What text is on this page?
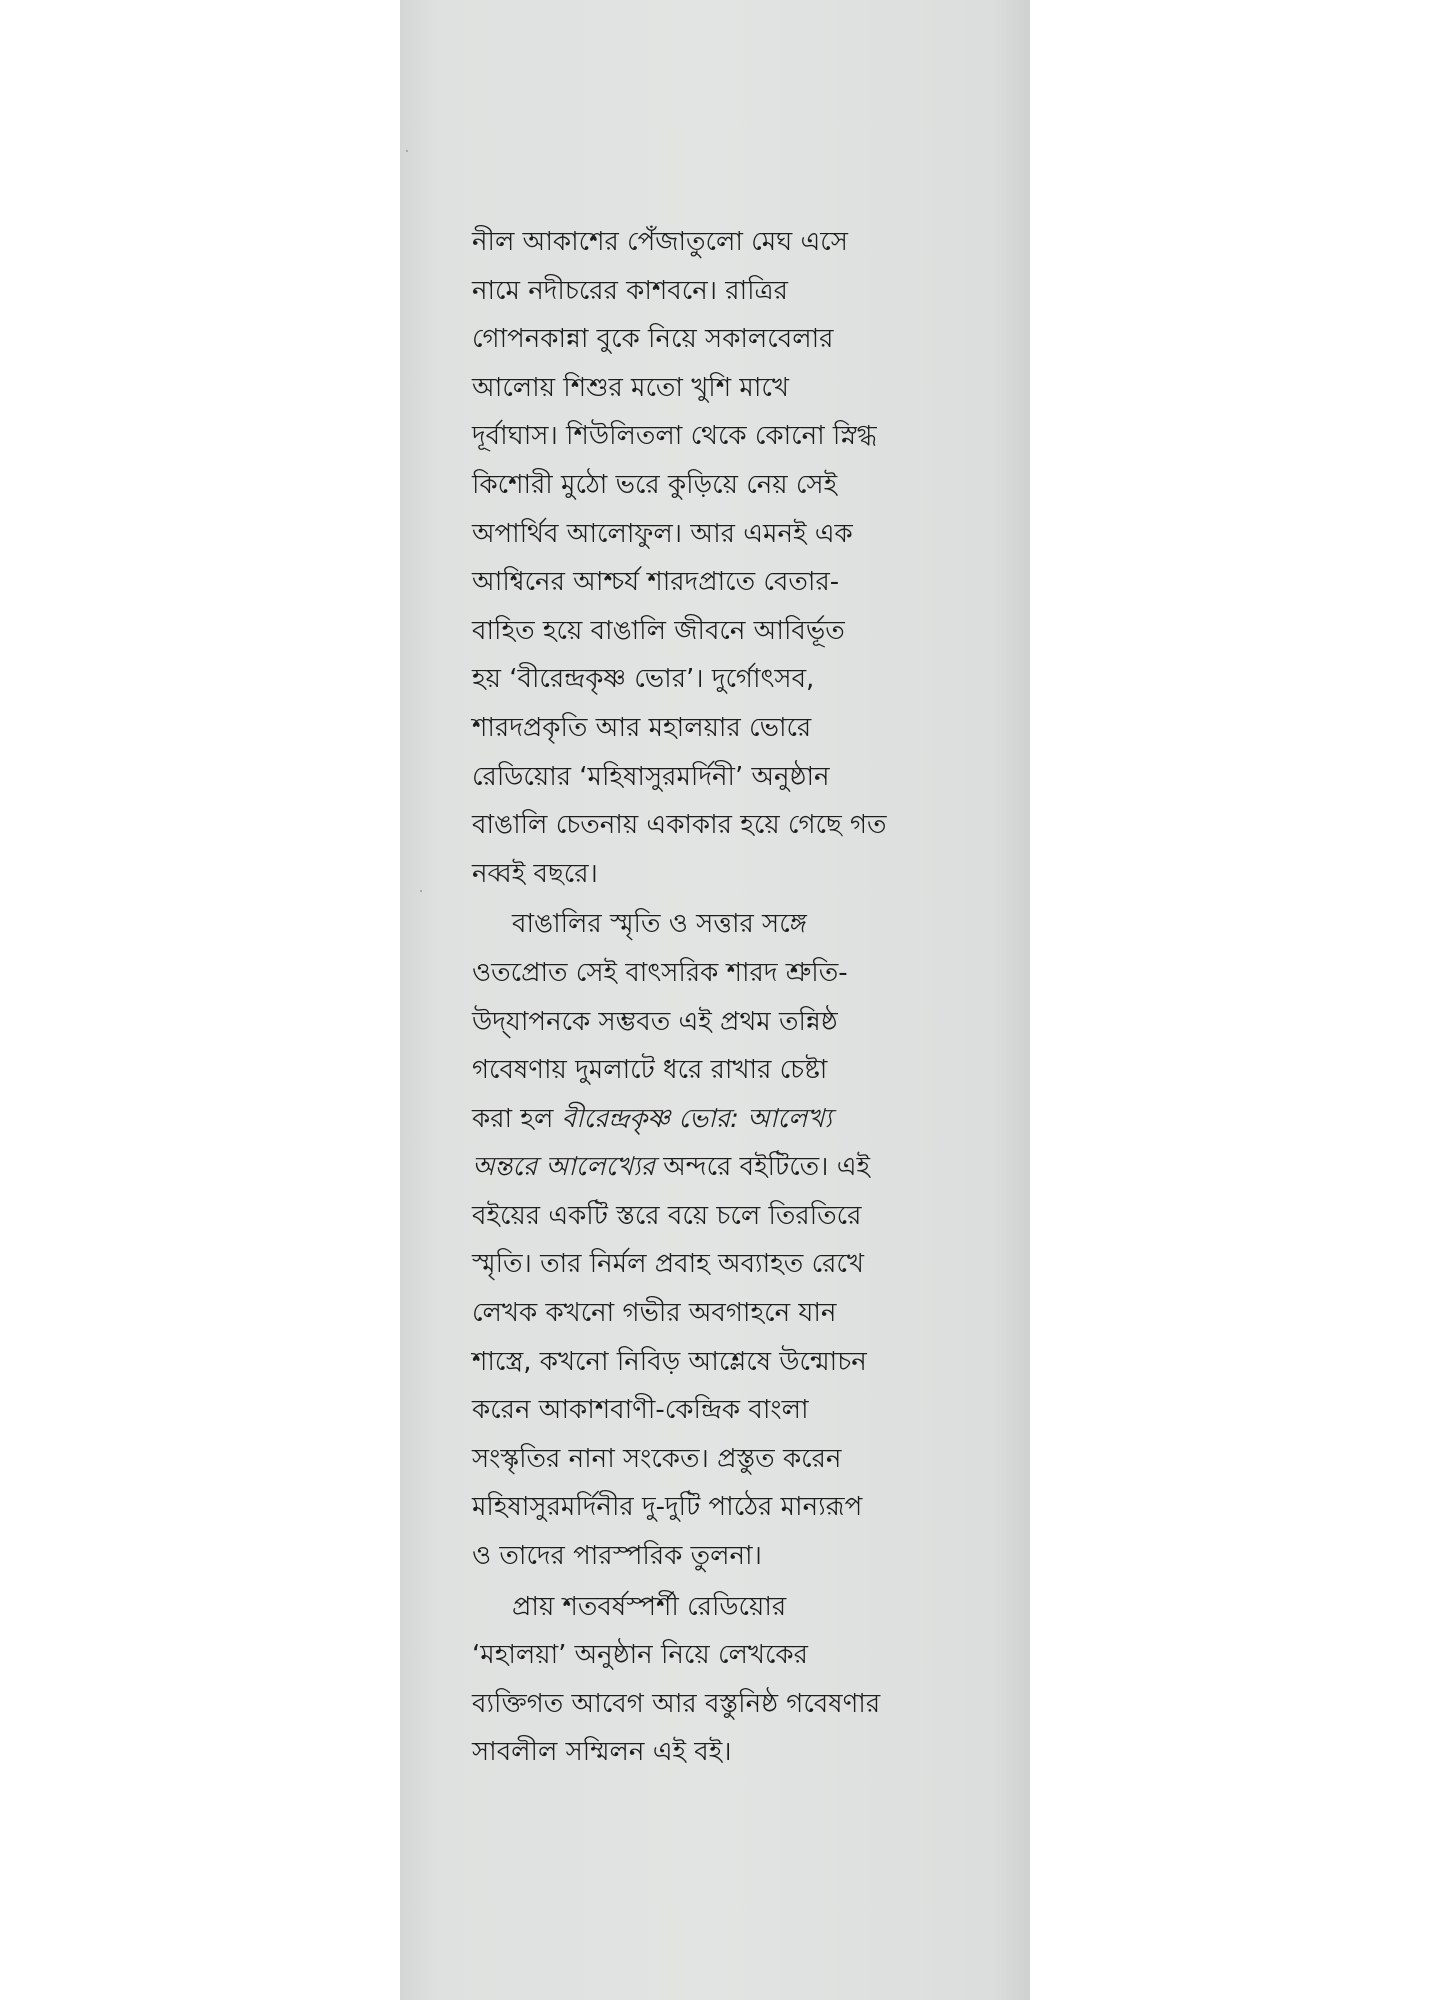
নীল আকাশের পেঁজাতুলো মেঘ এসে
নামে নদীচরের কাশবনে। রাত্রির
গোপনকান্না বুকে নিয়ে সকালবেলার
আলোয় শিশুর মতো খুশি মাখে
দূর্বাঘাস। শিউলিতলা থেকে কোনো স্নিগ্ধ
কিশোরী মুঠো ভরে কুড়িয়ে নেয় সেই
অপার্থিব আলোফুল। আর এমনই এক
আশ্বিনের আশ্চর্য শারদপ্রাতে বেতার-
বাহিত হয়ে বাঙালি জীবনে আবির্ভূত
হয় ‘বীরেন্দ্রকৃষ্ণ ভোর’। দুর্গোৎসব,
শারদপ্রকৃতি আর মহালয়ার ভোরে
রেডিয়োর ‘মহিষাসুরমর্দিনী’ অনুষ্ঠান
বাঙালি চেতনায় একাকার হয়ে গেছে গত
নব্বই বছরে।
বাঙালির স্মৃতি ও সত্তার সঙ্গে
ওতপ্রোত সেই বাৎসরিক শারদ শ্রুতি-
উদ্‌যাপনকে সম্ভবত এই প্রথম তন্নিষ্ঠ
গবেষণায় দুমলাটে ধরে রাখার চেষ্টা
করা হল বীরেন্দ্রকৃষ্ণ ভোর: আলেখ্য
অন্তরে আলেখ্যের অন্দরে বইটিতে। এই
বইয়ের একটি স্তরে বয়ে চলে তিরতিরে
স্মৃতি। তার নির্মল প্রবাহ অব্যাহত রেখে
লেখক কখনো গভীর অবগাহনে যান
শাস্ত্রে, কখনো নিবিড় আশ্লেষে উন্মোচন
করেন আকাশবাণী-কেন্দ্রিক বাংলা
সংস্কৃতির নানা সংকেত। প্রস্তুত করেন
মহিষাসুরমর্দিনীর দু-দুটি পাঠের মান্যরূপ
ও তাদের পারস্পরিক তুলনা।
প্রায় শতবর্ষস্পর্শী রেডিয়োর
‘মহালয়া’ অনুষ্ঠান নিয়ে লেখকের
ব্যক্তিগত আবেগ আর বস্তুনিষ্ঠ গবেষণার
সাবলীল সম্মিলন এই বই।
